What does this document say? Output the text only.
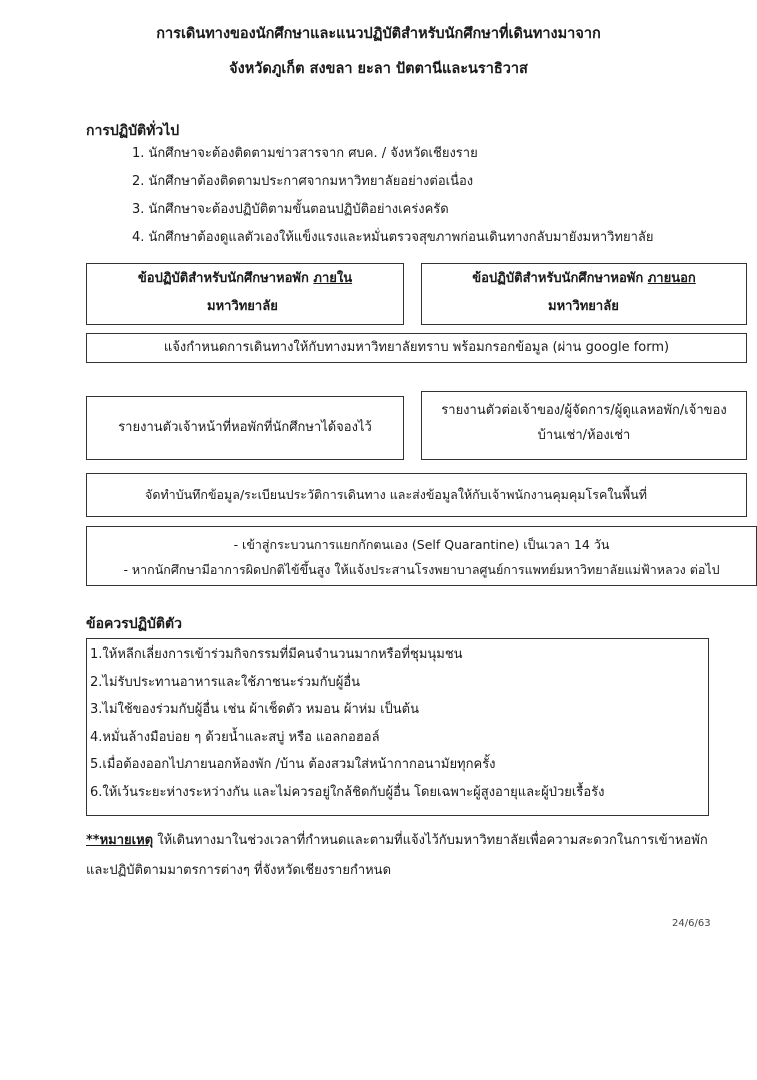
การเดินทางของนักศึกษาและแนวปฏิบัติสำหรับนักศึกษาที่เดินทางมาจาก
จังหวัดภูเก็ต สงขลา ยะลา ปัตตานีและนราธิวาส
การปฏิบัติทั่วไป
1. นักศึกษาจะต้องติดตามข่าวสารจาก ศบค. / จังหวัดเชียงราย
2. นักศึกษาต้องติดตามประกาศจากมหาวิทยาลัยอย่างต่อเนื่อง
3. นักศึกษาจะต้องปฏิบัติตามขั้นตอนปฏิบัติอย่างเคร่งครัด
4. นักศึกษาต้องดูแลตัวเองให้แข็งแรงและหมั่นตรวจสุขภาพก่อนเดินทางกลับมายังมหาวิทยาลัย
ข้อปฏิบัติสำหรับนักศึกษาหอพัก ภายใน
มหาวิทยาลัย
ข้อปฏิบัติสำหรับนักศึกษาหอพัก ภายนอก
มหาวิทยาลัย
แจ้งกำหนดการเดินทางให้กับทางมหาวิทยาลัยทราบ พร้อมกรอกข้อมูล (ผ่าน google form)
รายงานตัวเจ้าหน้าที่หอพักที่นักศึกษาได้จองไว้
รายงานตัวต่อเจ้าของ/ผู้จัดการ/ผู้ดูแลหอพัก/เจ้าของ
บ้านเช่า/ห้องเช่า
จัดทำบันทึกข้อมูล/ระเบียนประวัติการเดินทาง และส่งข้อมูลให้กับเจ้าพนักงานคุมคุมโรคในพื้นที่
- เข้าสู่กระบวนการแยกกักตนเอง (Self Quarantine) เป็นเวลา 14 วัน
- หากนักศึกษามีอาการผิดปกติไข้ขึ้นสูง ให้แจ้งประสานโรงพยาบาลศูนย์การแพทย์มหาวิทยาลัยแม่ฟ้าหลวง ต่อไป
ข้อควรปฏิบัติตัว
1.ให้หลีกเลี่ยงการเข้าร่วมกิจกรรมที่มีคนจำนวนมากหรือที่ชุมนุมชน
2.ไม่รับประทานอาหารและใช้ภาชนะร่วมกับผู้อื่น
3.ไม่ใช้ของร่วมกับผู้อื่น เช่น ผ้าเช็ดตัว หมอน ผ้าห่ม เป็นต้น
4.หมั่นล้างมือบ่อย ๆ ด้วยน้ำและสบู่ หรือ แอลกอฮอล์
5.เมื่อต้องออกไปภายนอกห้องพัก /บ้าน ต้องสวมใส่หน้ากากอนามัยทุกครั้ง
6.ให้เว้นระยะห่างระหว่างกัน และไม่ควรอยู่ใกล้ชิดกับผู้อื่น โดยเฉพาะผู้สูงอายุและผู้ป่วยเรื้อรัง
**หมายเหตุ ให้เดินทางมาในช่วงเวลาที่กำหนดและตามที่แจ้งไว้กับมหาวิทยาลัยเพื่อความสะดวกในการเข้าหอพัก
และปฏิบัติตามมาตรการต่างๆ ที่จังหวัดเชียงรายกำหนด
24/6/63
